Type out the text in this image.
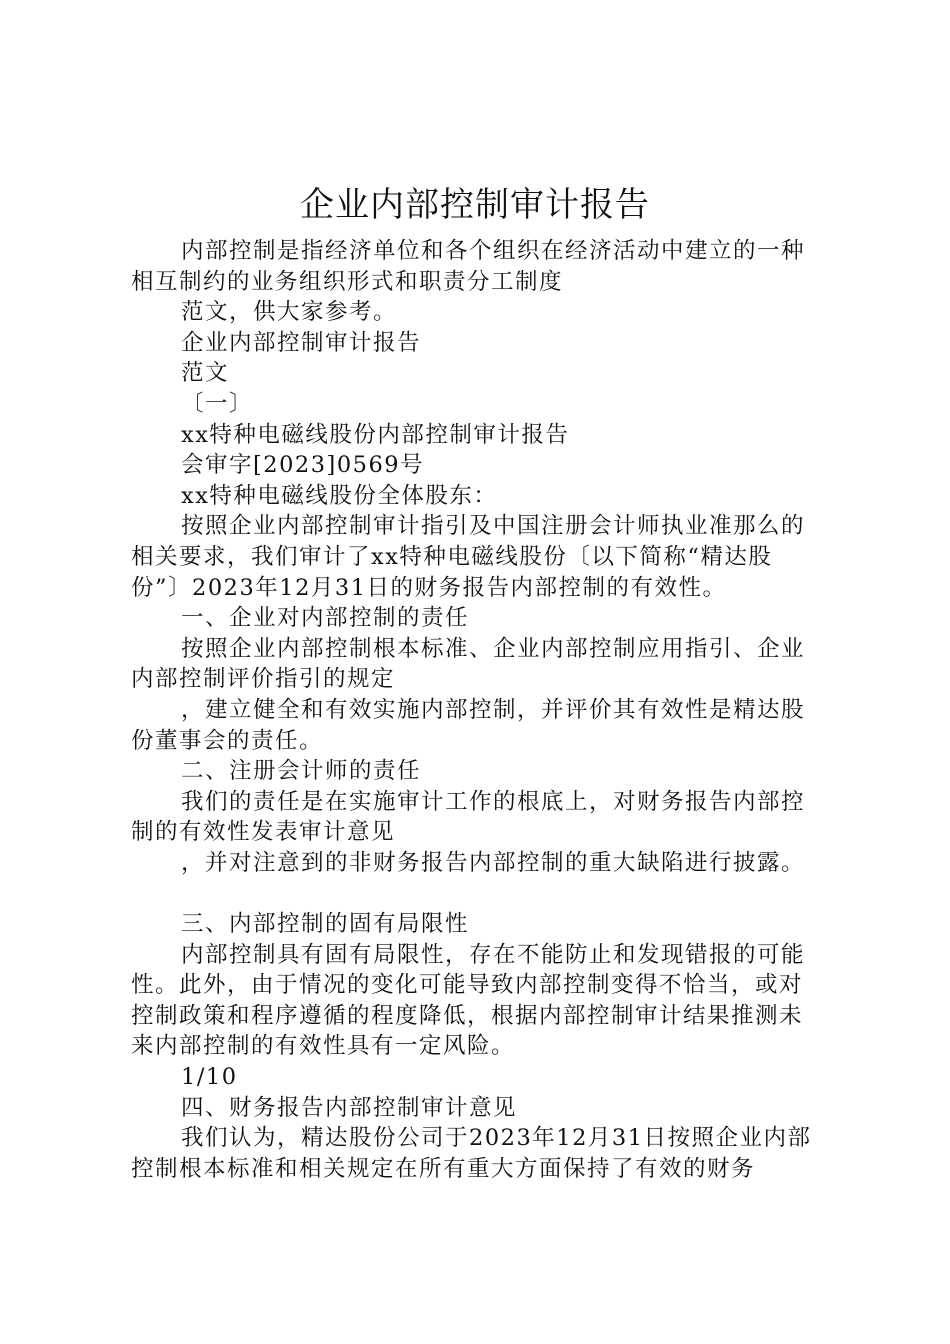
企业内部控制审计报告

内部控制是指经济单位和各个组织在经济活动中建立的一种相互制约的业务组织形式和职责分工制度

范文，供大家参考。

企业内部控制审计报告

范文

〔一〕

xx特种电磁线股份内部控制审计报告

会审字[2023]0569号

xx特种电磁线股份全体股东：

按照企业内部控制审计指引及中国注册会计师执业准那么的相关要求，我们审计了xx特种电磁线股份〔以下简称“精达股份”〕2023年12月31日的财务报告内部控制的有效性。

一、企业对内部控制的责任

按照企业内部控制根本标准、企业内部控制应用指引、企业内部控制评价指引的规定

，建立健全和有效实施内部控制，并评价其有效性是精达股份董事会的责任。

二、注册会计师的责任

我们的责任是在实施审计工作的根底上，对财务报告内部控制的有效性发表审计意见

，并对注意到的非财务报告内部控制的重大缺陷进行披露。

三、内部控制的固有局限性

内部控制具有固有局限性，存在不能防止和发现错报的可能性。此外，由于情况的变化可能导致内部控制变得不恰当，或对控制政策和程序遵循的程度降低，根据内部控制审计结果推测未来内部控制的有效性具有一定风险。

1/10

四、财务报告内部控制审计意见

我们认为，精达股份公司于2023年12月31日按照企业内部控制根本标准和相关规定在所有重大方面保持了有效的财务
